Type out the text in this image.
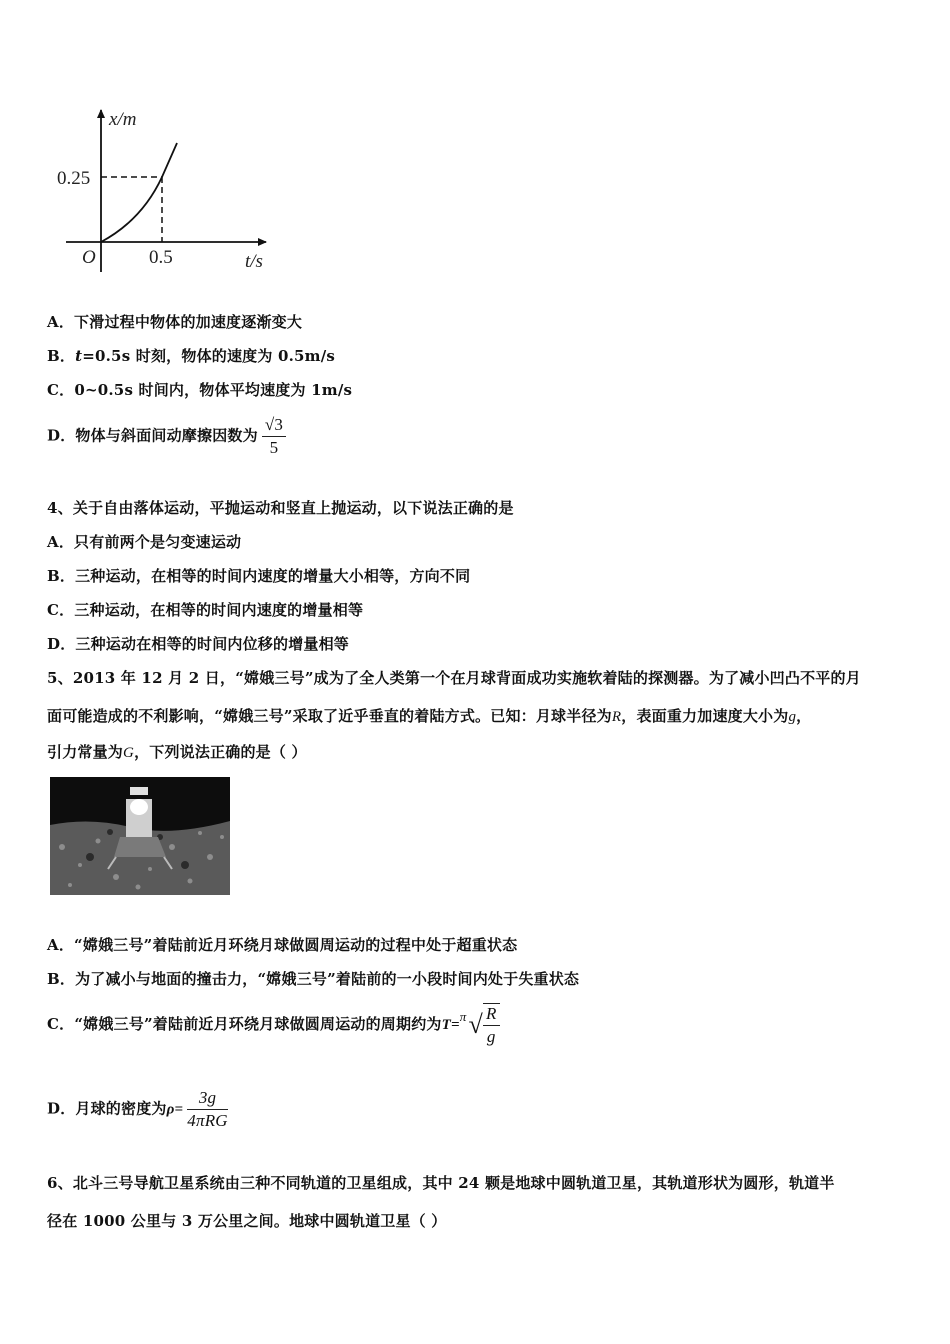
x/m
0.25
O	0.5	t/s
A．下滑过程中物体的加速度逐渐变大
B．t=0.5s 时刻，物体的速度为 0.5m/s
C．0~0.5s 时间内，物体平均速度为 1m/s
D．物体与斜面间动摩擦因数为 $\frac{√3}{5}$
4、关于自由落体运动，平抛运动和竖直上抛运动，以下说法正确的是
A．只有前两个是匀变速运动
B．三种运动，在相等的时间内速度的增量大小相等，方向不同
C．三种运动，在相等的时间内速度的增量相等
D．三种运动在相等的时间内位移的增量相等
5、2013 年 12 月 2 日，“嫦娥三号”成为了全人类第一个在月球背面成功实施软着陆的探测器。为了减小凹凸不平的月
面可能造成的不利影响，“嫦娥三号”采取了近乎垂直的着陆方式。已知：月球半径为R，表面重力加速度大小为g，
引力常量为G，下列说法正确的是（ ）
A．“嫦娥三号”着陆前近月环绕月球做圆周运动的过程中处于超重状态
B．为了减小与地面的撞击力，“嫦娥三号”着陆前的一小段时间内处于失重状态
C．“嫦娥三号”着陆前近月环绕月球做圆周运动的周期约为$T=\pi√ \frac{R}{g}$
D．月球的密度为$\rho= \frac{3g}{\text{4πRG}}$
6、北斗三号导航卫星系统由三种不同轨道的卫星组成，其中 24 颗是地球中圆轨道卫星，其轨道形状为圆形，轨道半
径在 1000 公里与 3 万公里之间。地球中圆轨道卫星（ ）
